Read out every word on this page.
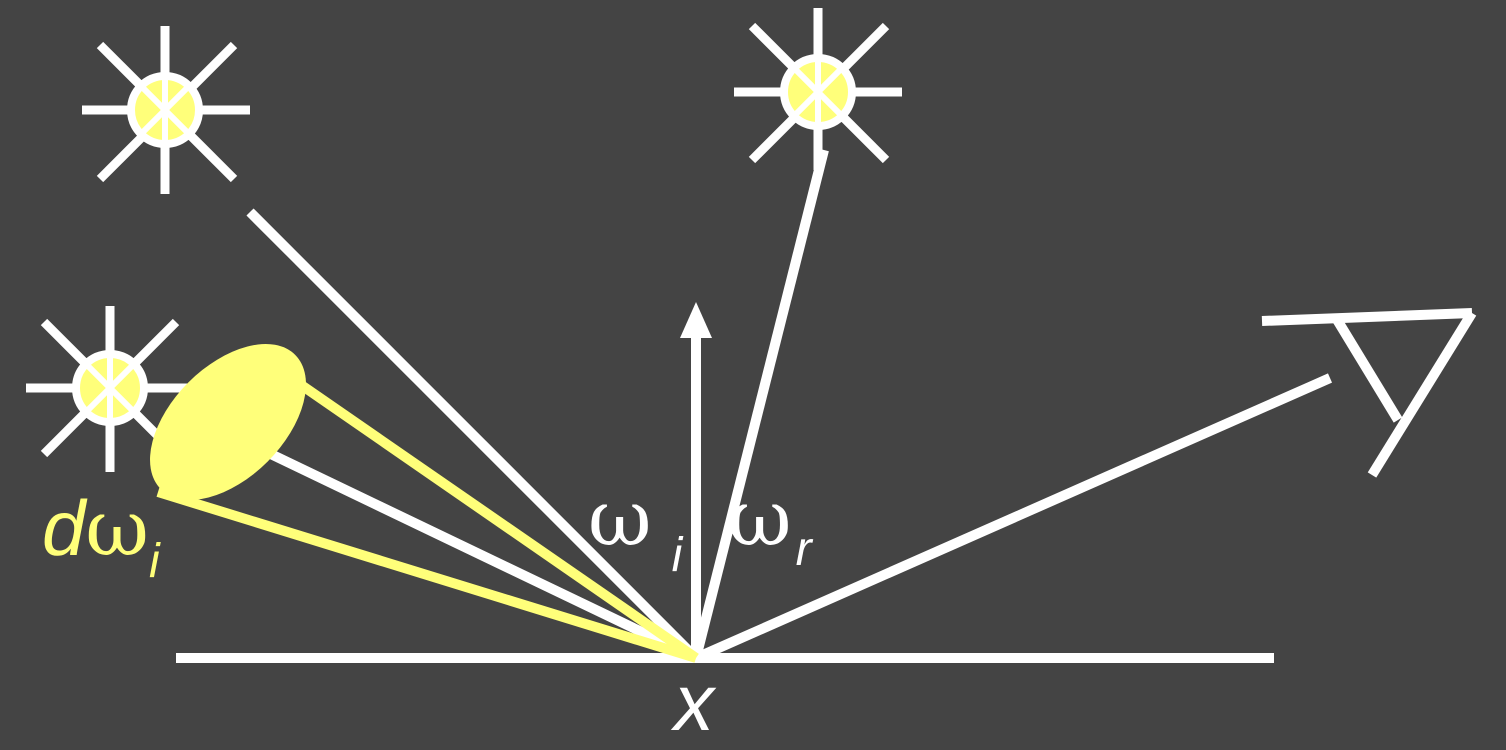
$d\omega_i$	ω $_i$ $\omega_r$
x
